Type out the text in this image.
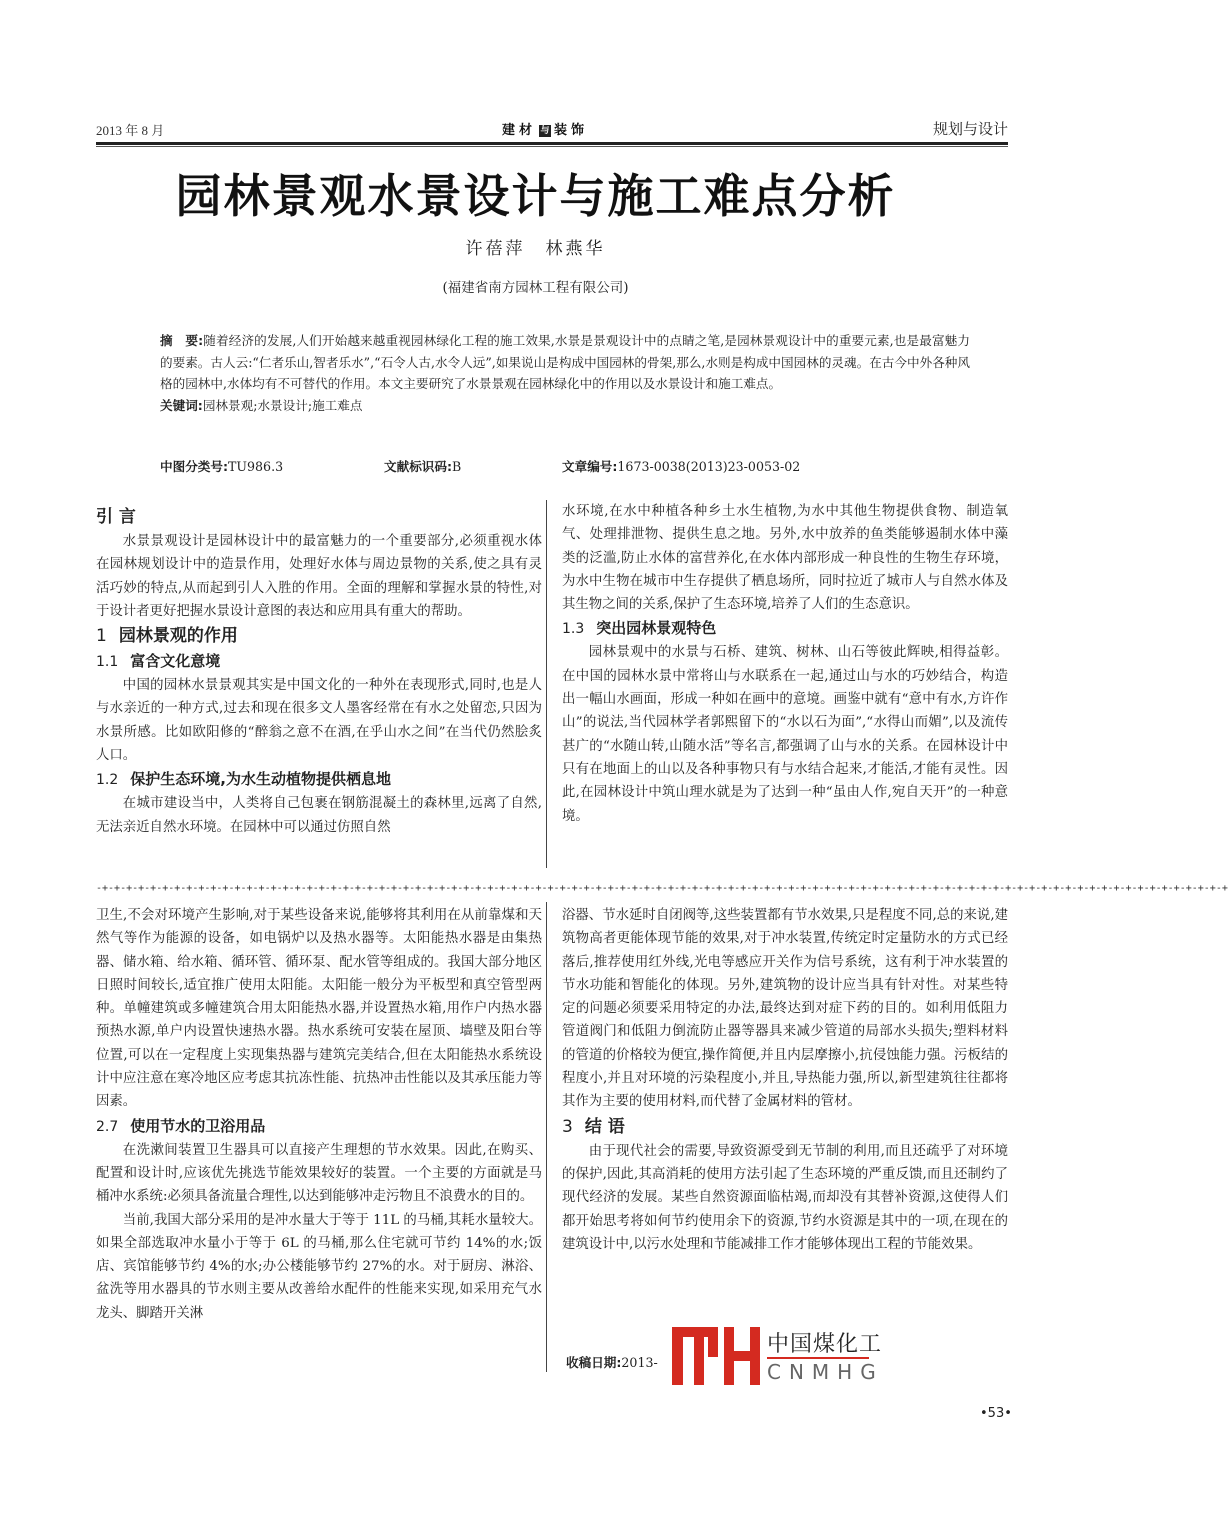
2013 年 8 月	建材 与 装饰	规划与设计
园林景观水景设计与施工难点分析
许蓓萍　林燕华
(福建省南方园林工程有限公司)
摘　要:随着经济的发展,人们开始越来越重视园林绿化工程的施工效果,水景是景观设计中的点睛之笔,是园林景观设计中的重要元素,也是最富魅力的要素。古人云:“仁者乐山,智者乐水”,“石令人古,水令人远”,如果说山是构成中国园林的骨架,那么,水则是构成中国园林的灵魂。在古今中外各种风格的园林中,水体均有不可替代的作用。本文主要研究了水景景观在园林绿化中的作用以及水景设计和施工难点。
关键词:园林景观;水景设计;施工难点
中图分类号:TU986.3	文献标识码:B	文章编号:1673-0038(2013)23-0053-02
引 言

水景景观设计是园林设计中的最富魅力的一个重要部分,必须重视水体在园林规划设计中的造景作用，处理好水体与周边景物的关系,使之具有灵活巧妙的特点,从而起到引人入胜的作用。全面的理解和掌握水景的特性,对于设计者更好把握水景设计意图的表达和应用具有重大的帮助。

1 园林景观的作用
1.1 富含文化意境

中国的园林水景景观其实是中国文化的一种外在表现形式,同时,也是人与水亲近的一种方式,过去和现在很多文人墨客经常在有水之处留恋,只因为水景所感。比如欧阳修的“醉翁之意不在酒,在乎山水之间”在当代仍然脍炙人口。

1.2 保护生态环境,为水生动植物提供栖息地

在城市建设当中，人类将自己包裹在钢筋混凝土的森林里,远离了自然,无法亲近自然水环境。在园林中可以通过仿照自然

水环境,在水中种植各种乡土水生植物,为水中其他生物提供食物、制造氧气、处理排泄物、提供生息之地。另外,水中放养的鱼类能够遏制水体中藻类的泛滥,防止水体的富营养化,在水体内部形成一种良性的生物生存环境，为水中生物在城市中生存提供了栖息场所，同时拉近了城市人与自然水体及其生物之间的关系,保护了生态环境,培养了人们的生态意识。

1.3 突出园林景观特色

园林景观中的水景与石桥、建筑、树林、山石等彼此辉映,相得益彰。在中国的园林水景中常将山与水联系在一起,通过山与水的巧妙结合，构造出一幅山水画面，形成一种如在画中的意境。画鉴中就有“意中有水,方许作山”的说法,当代园林学者郭熙留下的“水以石为面”,“水得山而媚”,以及流传甚广的“水随山转,山随水活”等名言,都强调了山与水的关系。在园林设计中只有在地面上的山以及各种事物只有与水结合起来,才能活,才能有灵性。因此,在园林设计中筑山理水就是为了达到一种“虽由人作,宛自天开”的一种意境。

-+-+-+-+-+-+-+-+-+-+-+-+-+-+-+-+-+-+-+-+-+-+-+-+-+-+-+-+-+-+-+-+-+-+-+-+-+-+-+-+-+-+-+-+-+-+-+-+-+-+-+-+-+-+-+-+-+-+-+-+-+-+-+-+-+-+-+-+-+-+-+-+-+-+-+-+-+-+-+-+-+-+-+-+-+-+-+-+-+-+-+-+-+-+

卫生,不会对环境产生影响,对于某些设备来说,能够将其利用在从前靠煤和天然气等作为能源的设备，如电锅炉以及热水器等。太阳能热水器是由集热器、储水箱、给水箱、循环管、循环泵、配水管等组成的。我国大部分地区日照时间较长,适宜推广使用太阳能。太阳能一般分为平板型和真空管型两种。单幢建筑或多幢建筑合用太阳能热水器,并设置热水箱,用作户内热水器预热水源,单户内设置快速热水器。热水系统可安装在屋顶、墙壁及阳台等位置,可以在一定程度上实现集热器与建筑完美结合,但在太阳能热水系统设计中应注意在寒冷地区应考虑其抗冻性能、抗热冲击性能以及其承压能力等因素。

2.7 使用节水的卫浴用品

在洗漱间装置卫生器具可以直接产生理想的节水效果。因此,在购买、配置和设计时,应该优先挑选节能效果较好的装置。一个主要的方面就是马桶冲水系统:必须具备流量合理性,以达到能够冲走污物且不浪费水的目的。

当前,我国大部分采用的是冲水量大于等于 11L 的马桶,其耗水量较大。如果全部选取冲水量小于等于 6L 的马桶,那么住宅就可节约 14%的水;饭店、宾馆能够节约 4%的水;办公楼能够节约 27%的水。对于厨房、淋浴、盆洗等用水器具的节水则主要从改善给水配件的性能来实现,如采用充气水龙头、脚踏开关淋

浴器、节水延时自闭阀等,这些装置都有节水效果,只是程度不同,总的来说,建筑物高者更能体现节能的效果,对于冲水装置,传统定时定量防水的方式已经落后,推荐使用红外线,光电等感应开关作为信号系统，这有利于冲水装置的节水功能和智能化的体现。另外,建筑物的设计应当具有针对性。对某些特定的问题必须要采用特定的办法,最终达到对症下药的目的。如利用低阻力管道阀门和低阻力倒流防止器等器具来减少管道的局部水头损失;塑料材料的管道的价格较为便宜,操作简便,并且内层摩擦小,抗侵蚀能力强。污板结的程度小,并且对环境的污染程度小,并且,导热能力强,所以,新型建筑往往都将其作为主要的使用材料,而代替了金属材料的管材。

3 结 语

由于现代社会的需要,导致资源受到无节制的利用,而且还疏乎了对环境的保护,因此,其高消耗的使用方法引起了生态环境的严重反馈,而且还制约了现代经济的发展。某些自然资源面临枯竭,而却没有其替补资源,这使得人们都开始思考将如何节约使用余下的资源,节约水资源是其中的一项,在现在的建筑设计中,以污水处理和节能减排工作才能够体现出工程的节能效果。

收稿日期:2013-
中国煤化工
CNMHG
•53•
